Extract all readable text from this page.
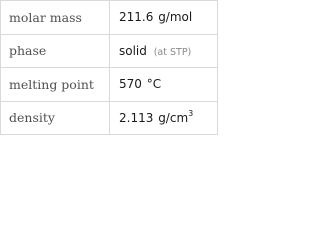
molar mass	211.6 g/mol
phase	solid (at STP)
melting point	570 °C
density	2.113 $g/cm^3$
